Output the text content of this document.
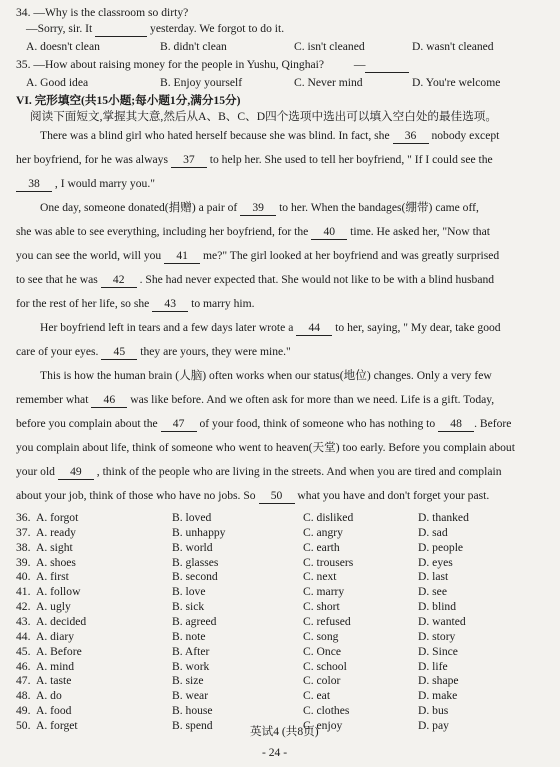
34. —Why is the classroom so dirty?
—Sorry, sir. It	yesterday. We forgot to do it.
A. doesn't clean	B. didn't clean	C. isn't cleaned	D. wasn't cleaned
35. —How about raising money for the people in Yushu, Qinghai?	—
A. Good idea	B. Enjoy yourself	C. Never mind	D. You're welcome
VI. 完形填空(共15小题;每小题1分,满分15分)
阅读下面短文,掌握其大意,然后从A、B、C、D四个选项中选出可以填入空白处的最佳选项。
There was a blind girl who hated herself because she was blind. In fact, she 36 nobody except
her boyfriend, for he was always 37 to help her. She used to tell her boyfriend, " If I could see the
38 , I would marry you."
One day, someone donated(捐赠) a pair of 39 to her. When the bandages(绷带) came off,
she was able to see everything, including her boyfriend, for the 40 time. He asked her, "Now that
you can see the world, will you 41 me?" The girl looked at her boyfriend and was greatly surprised
to see that he was 42 . She had never expected that. She would not like to be with a blind husband
for the rest of her life, so she 43 to marry him.
Her boyfriend left in tears and a few days later wrote a 44 to her, saying, " My dear, take good
care of your eyes. 45 they are yours, they were mine."
This is how the human brain (人脑) often works when our status(地位) changes. Only a very few
remember what 46 was like before. And we often ask for more than we need. Life is a gift. Today,
before you complain about the 47 of your food, think of someone who has nothing to 48 . Before
you complain about life, think of someone who went to heaven(天堂) too early. Before you complain about
your old 49 , think of the people who are living in the streets. And when you are tired and complain
about your job, think of those who have no jobs. So 50 what you have and don't forget your past.
36. A. forgot	B. loved	C. disliked	D. thanked
37. A. ready	B. unhappy	C. angry	D. sad
38. A. sight	B. world	C. earth	D. people
39. A. shoes	B. glasses	C. trousers	D. eyes
40. A. first	B. second	C. next	D. last
41. A. follow	B. love	C. marry	D. see
42. A. ugly	B. sick	C. short	D. blind
43. A. decided	B. agreed	C. refused	D. wanted
44. A. diary	B. note	C. song	D. story
45. A. Before	B. After	C. Once	D. Since
46. A. mind	B. work	C. school	D. life
47. A. taste	B. size	C. color	D. shape
48. A. do	B. wear	C. eat	D. make
49. A. food	B. house	C. clothes	D. bus
50. A. forget	B. spend	C. enjoy	D. pay
英试4 (共8页)
- 24 -
